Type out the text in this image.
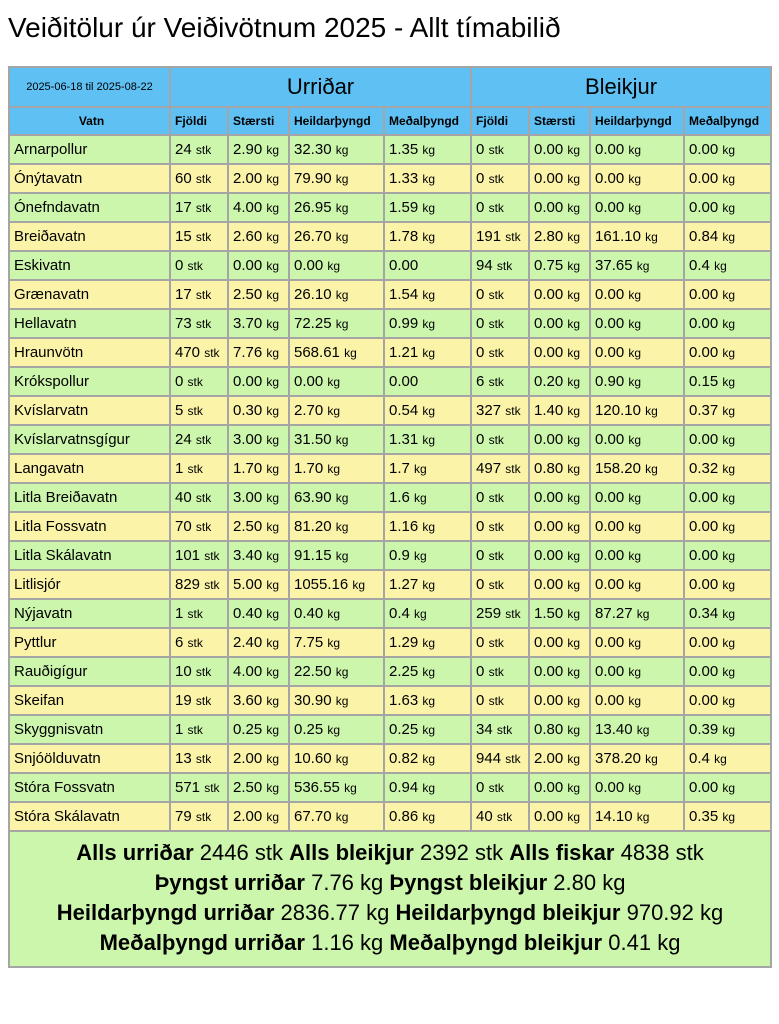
Veiðitölur úr Veiðivötnum 2025 - Allt tímabilið
2025-06-18 til 2025-08-22	Urriðar				Bleikjur			
Vatn	Fjöldi	Stærsti	Heildarþyngd	Meðalþyngd	Fjöldi	Stærsti	Heildarþyngd	Meðalþyngd
Arnarpollur	24 stk	2.90 kg	32.30 kg	1.35 kg	0 stk	0.00 kg	0.00 kg	0.00 kg
Ónýtavatn	60 stk	2.00 kg	79.90 kg	1.33 kg	0 stk	0.00 kg	0.00 kg	0.00 kg
Ónefndavatn	17 stk	4.00 kg	26.95 kg	1.59 kg	0 stk	0.00 kg	0.00 kg	0.00 kg
Breiðavatn	15 stk	2.60 kg	26.70 kg	1.78 kg	191 stk	2.80 kg	161.10 kg	0.84 kg
Eskivatn	0 stk	0.00 kg	0.00 kg	0.00	94 stk	0.75 kg	37.65 kg	0.4 kg
Grænavatn	17 stk	2.50 kg	26.10 kg	1.54 kg	0 stk	0.00 kg	0.00 kg	0.00 kg
Hellavatn	73 stk	3.70 kg	72.25 kg	0.99 kg	0 stk	0.00 kg	0.00 kg	0.00 kg
Hraunvötn	470 stk	7.76 kg	568.61 kg	1.21 kg	0 stk	0.00 kg	0.00 kg	0.00 kg
Krókspollur	0 stk	0.00 kg	0.00 kg	0.00	6 stk	0.20 kg	0.90 kg	0.15 kg
Kvíslarvatn	5 stk	0.30 kg	2.70 kg	0.54 kg	327 stk	1.40 kg	120.10 kg	0.37 kg
Kvíslarvatnsgígur	24 stk	3.00 kg	31.50 kg	1.31 kg	0 stk	0.00 kg	0.00 kg	0.00 kg
Langavatn	1 stk	1.70 kg	1.70 kg	1.7 kg	497 stk	0.80 kg	158.20 kg	0.32 kg
Litla Breiðavatn	40 stk	3.00 kg	63.90 kg	1.6 kg	0 stk	0.00 kg	0.00 kg	0.00 kg
Litla Fossvatn	70 stk	2.50 kg	81.20 kg	1.16 kg	0 stk	0.00 kg	0.00 kg	0.00 kg
Litla Skálavatn	101 stk	3.40 kg	91.15 kg	0.9 kg	0 stk	0.00 kg	0.00 kg	0.00 kg
Litlisjór	829 stk	5.00 kg	1055.16 kg	1.27 kg	0 stk	0.00 kg	0.00 kg	0.00 kg
Nýjavatn	1 stk	0.40 kg	0.40 kg	0.4 kg	259 stk	1.50 kg	87.27 kg	0.34 kg
Pyttlur	6 stk	2.40 kg	7.75 kg	1.29 kg	0 stk	0.00 kg	0.00 kg	0.00 kg
Rauðigígur	10 stk	4.00 kg	22.50 kg	2.25 kg	0 stk	0.00 kg	0.00 kg	0.00 kg
Skeifan	19 stk	3.60 kg	30.90 kg	1.63 kg	0 stk	0.00 kg	0.00 kg	0.00 kg
Skyggnisvatn	1 stk	0.25 kg	0.25 kg	0.25 kg	34 stk	0.80 kg	13.40 kg	0.39 kg
Snjóölduvatn	13 stk	2.00 kg	10.60 kg	0.82 kg	944 stk	2.00 kg	378.20 kg	0.4 kg
Stóra Fossvatn	571 stk	2.50 kg	536.55 kg	0.94 kg	0 stk	0.00 kg	0.00 kg	0.00 kg
Stóra Skálavatn	79 stk	2.00 kg	67.70 kg	0.86 kg	40 stk	0.00 kg	14.10 kg	0.35 kg

Alls urriðar 2446 stk Alls bleikjur 2392 stk Alls fiskar 4838 stk
Þyngst urriðar 7.76 kg Þyngst bleikjur 2.80 kg
Heildarþyngd urriðar 2836.77 kg Heildarþyngd bleikjur 970.92 kg
Meðalþyngd urriðar 1.16 kg Meðalþyngd bleikjur 0.41 kg								
